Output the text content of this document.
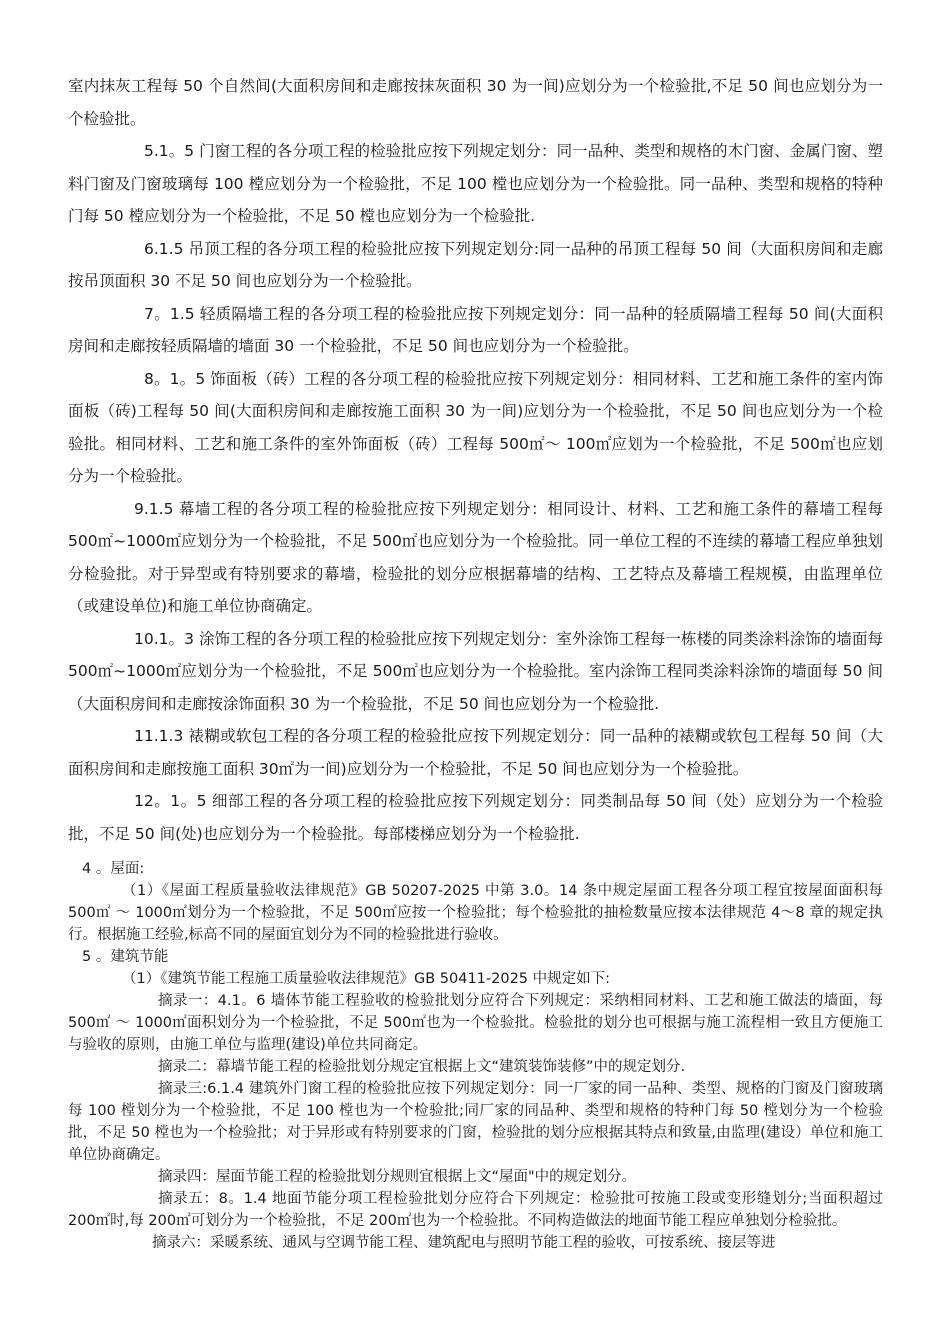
室内抹灰工程每 50 个自然间(大面积房间和走廊按抹灰面积 30 为一间)应划分为一个检验批,不足 50 间也应划分为一个检验批。

5.1。5 门窗工程的各分项工程的检验批应按下列规定划分：同一品种、类型和规格的木门窗、金属门窗、塑料门窗及门窗玻璃每 100 樘应划分为一个检验批，不足 100 樘也应划分为一个检验批。同一品种、类型和规格的特种门每 50 樘应划分为一个检验批，不足 50 樘也应划分为一个检验批.

6.1.5 吊顶工程的各分项工程的检验批应按下列规定划分:同一品种的吊顶工程每 50 间（大面积房间和走廊按吊顶面积 30 不足 50 间也应划分为一个检验批。

7。1.5 轻质隔墙工程的各分项工程的检验批应按下列规定划分：同一品种的轻质隔墙工程每 50 间(大面积房间和走廊按轻质隔墙的墙面 30 一个检验批，不足 50 间也应划分为一个检验批。

8。1。5 饰面板（砖）工程的各分项工程的检验批应按下列规定划分：相同材料、工艺和施工条件的室内饰面板（砖)工程每 50 间(大面积房间和走廊按施工面积 30 为一间)应划分为一个检验批，不足 50 间也应划分为一个检验批。相同材料、工艺和施工条件的室外饰面板（砖）工程每 500㎡～ 100㎡应划为一个检验批，不足 500㎡也应划分为一个检验批。

9.1.5 幕墙工程的各分项工程的检验批应按下列规定划分：相同设计、材料、工艺和施工条件的幕墙工程每 500㎡~1000㎡应划分为一个检验批，不足 500㎡也应划分为一个检验批。同一单位工程的不连续的幕墙工程应单独划分检验批。对于异型或有特别要求的幕墙，检验批的划分应根据幕墙的结构、工艺特点及幕墙工程规模，由监理单位（或建设单位)和施工单位协商确定。

10.1。3 涂饰工程的各分项工程的检验批应按下列规定划分：室外涂饰工程每一栋楼的同类涂料涂饰的墙面每 500㎡~1000㎡应划分为一个检验批，不足 500㎡也应划分为一个检验批。室内涂饰工程同类涂料涂饰的墙面每 50 间（大面积房间和走廊按涂饰面积 30 为一个检验批，不足 50 间也应划分为一个检验批.

11.1.3 裱糊或软包工程的各分项工程的检验批应按下列规定划分：同一品种的裱糊或软包工程每 50 间（大面积房间和走廊按施工面积 30㎡为一间)应划分为一个检验批，不足 50 间也应划分为一个检验批。

12。1。5 细部工程的各分项工程的检验批应按下列规定划分：同类制品每 50 间（处）应划分为一个检验批，不足 50 间(处)也应划分为一个检验批。每部楼梯应划分为一个检验批.

4 。屋面:

（1）《屋面工程质量验收法律规范》GB 50207-2025 中第 3.0。14 条中规定屋面工程各分项工程宜按屋面面积每 500㎡ ～ 1000㎡划分为一个检验批，不足 500㎡应按一个检验批；每个检验批的抽检数量应按本法律规范 4～8 章的规定执行。根据施工经验,标高不同的屋面宜划分为不同的检验批进行验收。

5 。建筑节能

（1）《建筑节能工程施工质量验收法律规范》GB 50411-2025 中规定如下:

摘录一：4.1。6 墙体节能工程验收的检验批划分应符合下列规定：采纳相同材料、工艺和施工做法的墙面，每 500㎡ ～ 1000㎡面积划分为一个检验批，不足 500㎡也为一个检验批。检验批的划分也可根据与施工流程相一致且方便施工与验收的原则，由施工单位与监理(建设)单位共同商定。

摘录二：幕墙节能工程的检验批划分规定宜根据上文“建筑装饰装修”中的规定划分.

摘录三:6.1.4 建筑外门窗工程的检验批应按下列规定划分：同一厂家的同一品种、类型、规格的门窗及门窗玻璃每 100 樘划分为一个检验批，不足 100 樘也为一个检验批;同厂家的同品种、类型和规格的特种门每 50 樘划分为一个检验批，不足 50 樘也为一个检验批；对于异形或有特别要求的门窗，检验批的划分应根据其特点和致量,由监理(建设）单位和施工单位协商确定。

摘录四：屋面节能工程的检验批划分规则宜根据上文“屋面"中的规定划分。

摘录五：8。1.4 地面节能分项工程检验批划分应符合下列规定：检验批可按施工段或变形缝划分;当面积超过 200㎡时,每 200㎡可划分为一个检验批，不足 200㎡也为一个检验批。不同构造做法的地面节能工程应单独划分检验批。

摘录六：采暖系统、通风与空调节能工程、建筑配电与照明节能工程的验收，可按系统、接层等进
